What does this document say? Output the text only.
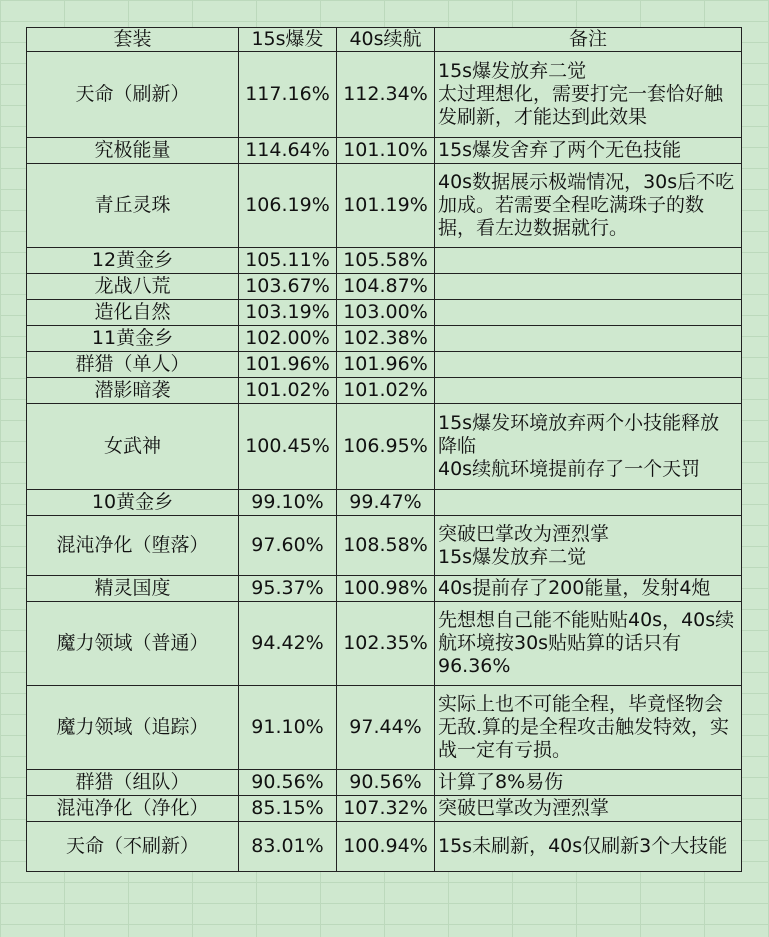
套装	15s爆发	40s续航	备注
天命（刷新）	117.16%	112.34%	15s爆发放弃二觉
太过理想化，需要打完一套恰好触发刷新，才能达到此效果

究极能量	114.64%	101.10%	15s爆发舍弃了两个无色技能

青丘灵珠	106.19%	101.19%	40s数据展示极端情况，30s后不吃加成。若需要全程吃满珠子的数据，看左边数据就行。

12黄金乡	105.11%	105.58%	
龙战八荒	103.67%	104.87%	
造化自然	103.19%	103.00%	
11黄金乡	102.00%	102.38%	
群猎（单人）	101.96%	101.96%	
潜影暗袭	101.02%	101.02%	
女武神	100.45%	106.95%	15s爆发环境放弃两个小技能释放降临
40s续航环境提前存了一个天罚

10黄金乡	99.10%	99.47%	
混沌净化（堕落）	97.60%	108.58%	突破巴掌改为湮烈掌
15s爆发放弃二觉

精灵国度	95.37%	100.98%	40s提前存了200能量，发射4炮

魔力领域（普通）	94.42%	102.35%	先想想自己能不能贴贴40s，40s续航环境按30s贴贴算的话只有96.36%

魔力领域（追踪）	91.10%	97.44%	实际上也不可能全程，毕竟怪物会无敌.算的是全程攻击触发特效，实战一定有亏损。

群猎（组队）	90.56%	90.56%	计算了8%易伤

混沌净化（净化）	85.15%	107.32%	突破巴掌改为湮烈掌

天命（不刷新）	83.01%	100.94%	15s未刷新，40s仅刷新3个大技能
